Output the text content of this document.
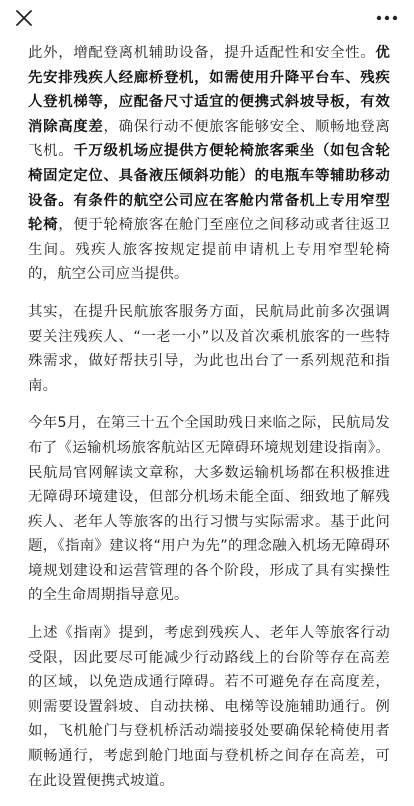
此外，增配登离机辅助设备，提升适配性和安全性。优先安排残疾人经廊桥登机，如需使用升降平台车、残疾人登机梯等，应配备尺寸适宜的便携式斜坡导板，有效消除高度差，确保行动不便旅客能够安全、顺畅地登离飞机。千万级机场应提供方便轮椅旅客乘坐（如包含轮椅固定定位、具备液压倾斜功能）的电瓶车等辅助移动设备。有条件的航空公司应在客舱内常备机上专用窄型轮椅，便于轮椅旅客在舱门至座位之间移动或者往返卫生间。残疾人旅客按规定提前申请机上专用窄型轮椅的，航空公司应当提供。

其实，在提升民航旅客服务方面，民航局此前多次强调要关注残疾人、“一老一小”以及首次乘机旅客的一些特殊需求，做好帮扶引导，为此也出台了一系列规范和指南。

今年5月，在第三十五个全国助残日来临之际，民航局发布了《运输机场旅客航站区无障碍环境规划建设指南》。民航局官网解读文章称，大多数运输机场都在积极推进无障碍环境建设，但部分机场未能全面、细致地了解残疾人、老年人等旅客的出行习惯与实际需求。基于此问题，《指南》建议将“用户为先”的理念融入机场无障碍环境规划建设和运营管理的各个阶段，形成了具有实操性的全生命周期指导意见。

上述《指南》提到，考虑到残疾人、老年人等旅客行动受限，因此要尽可能减少行动路线上的台阶等存在高差的区域，以免造成通行障碍。若不可避免存在高度差，则需要设置斜坡、自动扶梯、电梯等设施辅助通行。例如，飞机舱门与登机桥活动端接驳处要确保轮椅使用者顺畅通行，考虑到舱门地面与登机桥之间存在高差，可在此设置便携式坡道。
